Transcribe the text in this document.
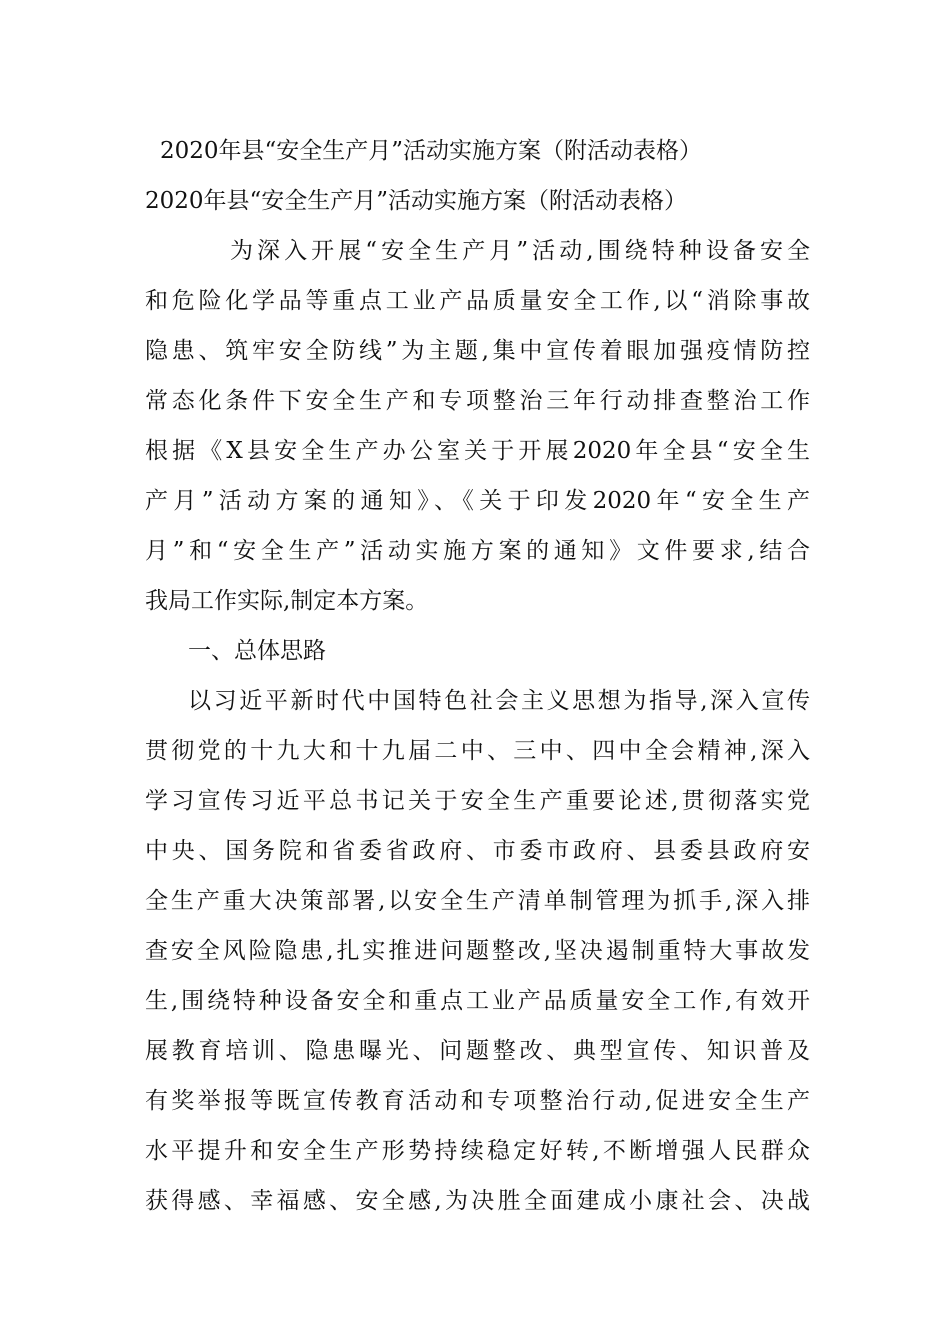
2020年县“安全生产月”活动实施方案（附活动表格）
2020年县“安全生产月”活动实施方案（附活动表格）
为深入开展“安全生产月”活动,围绕特种设备安全
和危险化学品等重点工业产品质量安全工作,以“消除事故
隐患、筑牢安全防线”为主题,集中宣传着眼加强疫情防控
常态化条件下安全生产和专项整治三年行动排查整治工作
根据《X县安全生产办公室关于开展2020年全县“安全生
产月”活动方案的通知》、《关于印发2020年“安全生产
月”和“安全生产”活动实施方案的通知》文件要求,结合
我局工作实际,制定本方案。
一、总体思路
以习近平新时代中国特色社会主义思想为指导,深入宣传
贯彻党的十九大和十九届二中、三中、四中全会精神,深入
学习宣传习近平总书记关于安全生产重要论述,贯彻落实党
中央、国务院和省委省政府、市委市政府、县委县政府安
全生产重大决策部署,以安全生产清单制管理为抓手,深入排
查安全风险隐患,扎实推进问题整改,坚决遏制重特大事故发
生,围绕特种设备安全和重点工业产品质量安全工作,有效开
展教育培训、隐患曝光、问题整改、典型宣传、知识普及
有奖举报等既宣传教育活动和专项整治行动,促进安全生产
水平提升和安全生产形势持续稳定好转,不断增强人民群众
获得感、幸福感、安全感,为决胜全面建成小康社会、决战
